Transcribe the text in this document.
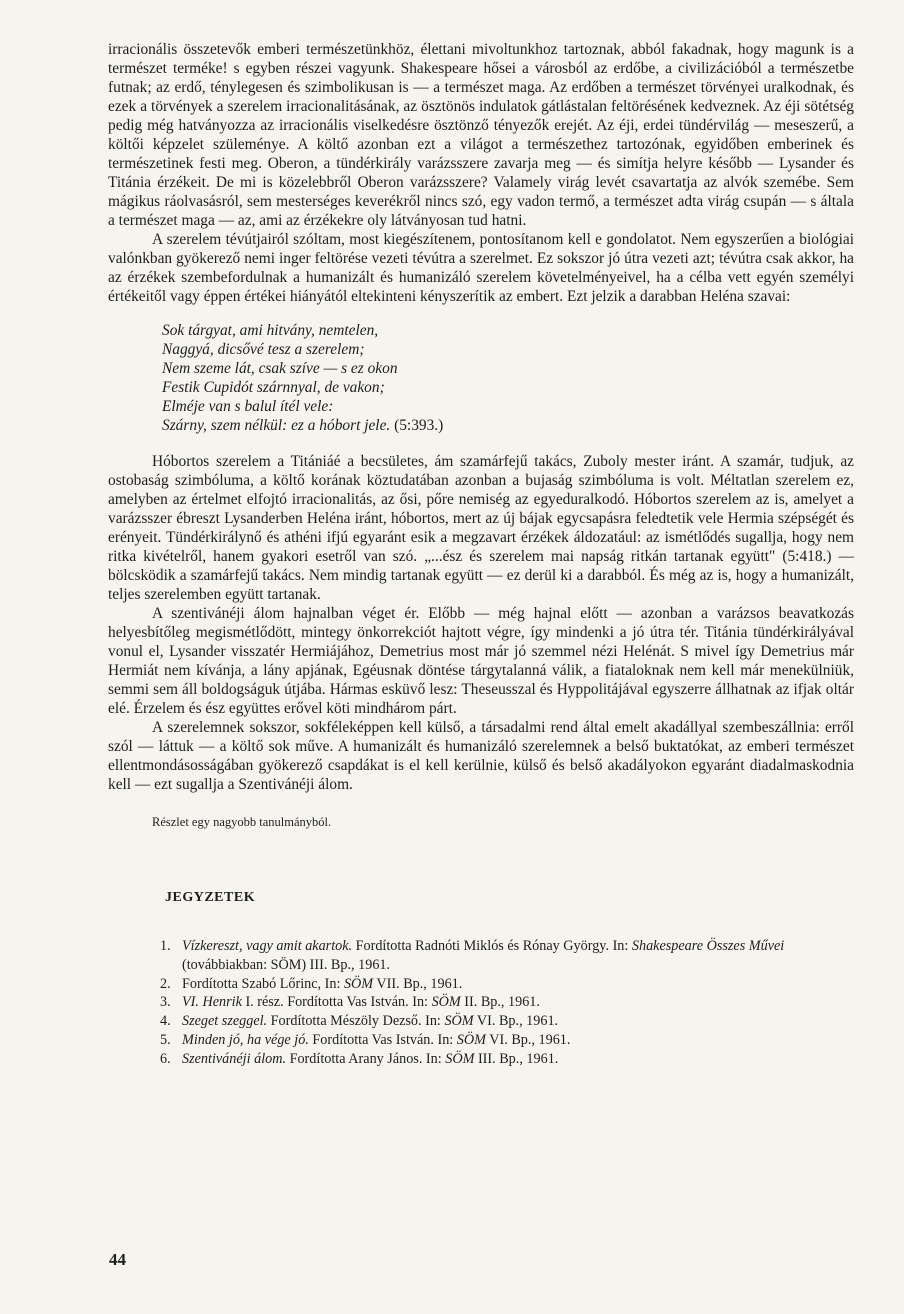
irracionális összetevők emberi természetünkhöz, élettani mivoltunkhoz tartoznak, abból fakadnak, hogy magunk is a természet terméke! s egyben részei vagyunk. Shakespeare hősei a városból az erdőbe, a civilizációból a természetbe futnak; az erdő, ténylegesen és szimbolikusan is — a természet maga. Az erdőben a természet törvényei uralkodnak, és ezek a törvények a szerelem irracionalitásának, az ösztönös indulatok gátlástalan feltörésének kedveznek. Az éji sötétség pedig még hatványozza az irracionális viselkedésre ösztönző tényezők erejét. Az éji, erdei tündérvilág — meseszerű, a költői képzelet szüleménye. A költő azonban ezt a világot a természethez tartozónak, egyidőben emberinek és természetinek festi meg. Oberon, a tündérkirály varázsszere zavarja meg — és simítja helyre később — Lysander és Titánia érzékeit. De mi is közelebbről Oberon varázsszere? Valamely virág levét csavartatja az alvók szemébe. Sem mágikus ráolvasásról, sem mesterséges keverékről nincs szó, egy vadon termő, a természet adta virág csupán — s általa a természet maga — az, ami az érzékekre oly látványosan tud hatni.

A szerelem tévútjairól szóltam, most kiegészítenem, pontosítanom kell e gondolatot. Nem egyszerűen a biológiai valónkban gyökerező nemi inger feltörése vezeti tévútra a szerelmet. Ez sokszor jó útra vezeti azt; tévútra csak akkor, ha az érzékek szembefordulnak a humanizált és humanizáló szerelem követelményeivel, ha a célba vett egyén személyi értékeitől vagy éppen értékei hiányától eltekinteni kényszerítik az embert. Ezt jelzik a darabban Heléna szavai:

Sok tárgyat, ami hitvány, nemtelen,
Naggyá, dicsővé tesz a szerelem;
Nem szeme lát, csak szíve — s ez okon
Festik Cupidót szárnnyal, de vakon;
Elméje van s balul ítél vele:
Szárny, szem nélkül: ez a hóbort jele. (5:393.)

Hóbortos szerelem a Titániáé a becsületes, ám szamárfejű takács, Zuboly mester iránt. A szamár, tudjuk, az ostobaság szimbóluma, a költő korának köztudatában azonban a bujaság szimbóluma is volt. Méltatlan szerelem ez, amelyben az értelmet elfojtó irracionalitás, az ősi, pőre nemiség az egyeduralkodó. Hóbortos szerelem az is, amelyet a varázsszer ébreszt Lysanderben Heléna iránt, hóbortos, mert az új bájak egycsapásra feledtetik vele Hermia szépségét és erényeit. Tündérkirálynő és athéni ifjú egyaránt esik a megzavart érzékek áldozatául: az ismétlődés sugallja, hogy nem ritka kivételről, hanem gyakori esetről van szó. „...ész és szerelem mai napság ritkán tartanak együtt" (5:418.) — bölcsködik a szamárfejű takács. Nem mindig tartanak együtt — ez derül ki a darabból. És még az is, hogy a humanizált, teljes szerelemben együtt tartanak.

A szentivánéji álom hajnalban véget ér. Előbb — még hajnal előtt — azonban a varázsos beavatkozás helyesbítőleg megismétlődött, mintegy önkorrekciót hajtott végre, így mindenki a jó útra tér. Titánia tündérkirályával vonul el, Lysander visszatér Hermiájához, Demetrius most már jó szemmel nézi Helénát. S mivel így Demetrius már Hermiát nem kívánja, a lány apjának, Egéusnak döntése tárgytalanná válik, a fiataloknak nem kell már menekülniük, semmi sem áll boldogságuk útjába. Hármas esküvő lesz: Theseusszal és Hyppolitájával egyszerre állhatnak az ifjak oltár elé. Érzelem és ész együttes erővel köti mindhárom párt.

A szerelemnek sokszor, sokféleképpen kell külső, a társadalmi rend által emelt akadállyal szembeszállnia: erről szól — láttuk — a költő sok műve. A humanizált és humanizáló szerelemnek a belső buktatókat, az emberi természet ellentmondásosságában gyökerező csapdákat is el kell kerülnie, külső és belső akadályokon egyaránt diadalmaskodnia kell — ezt sugallja a Szentivánéji álom.

Részlet egy nagyobb tanulmányból.
JEGYZETEK
1. Vízkereszt, vagy amit akartok. Fordította Radnóti Miklós és Rónay György. In: Shakespeare Összes Művei (továbbiakban: SÖM) III. Bp., 1961.
2. Fordította Szabó Lőrinc, In: SÖM VII. Bp., 1961.
3. VI. Henrik I. rész. Fordította Vas István. In: SÖM II. Bp., 1961.
4. Szeget szeggel. Fordította Mészöly Dezső. In: SÖM VI. Bp., 1961.
5. Minden jó, ha vége jó. Fordította Vas István. In: SÖM VI. Bp., 1961.
6. Szentivánéji álom. Fordította Arany János. In: SÖM III. Bp., 1961.
44
